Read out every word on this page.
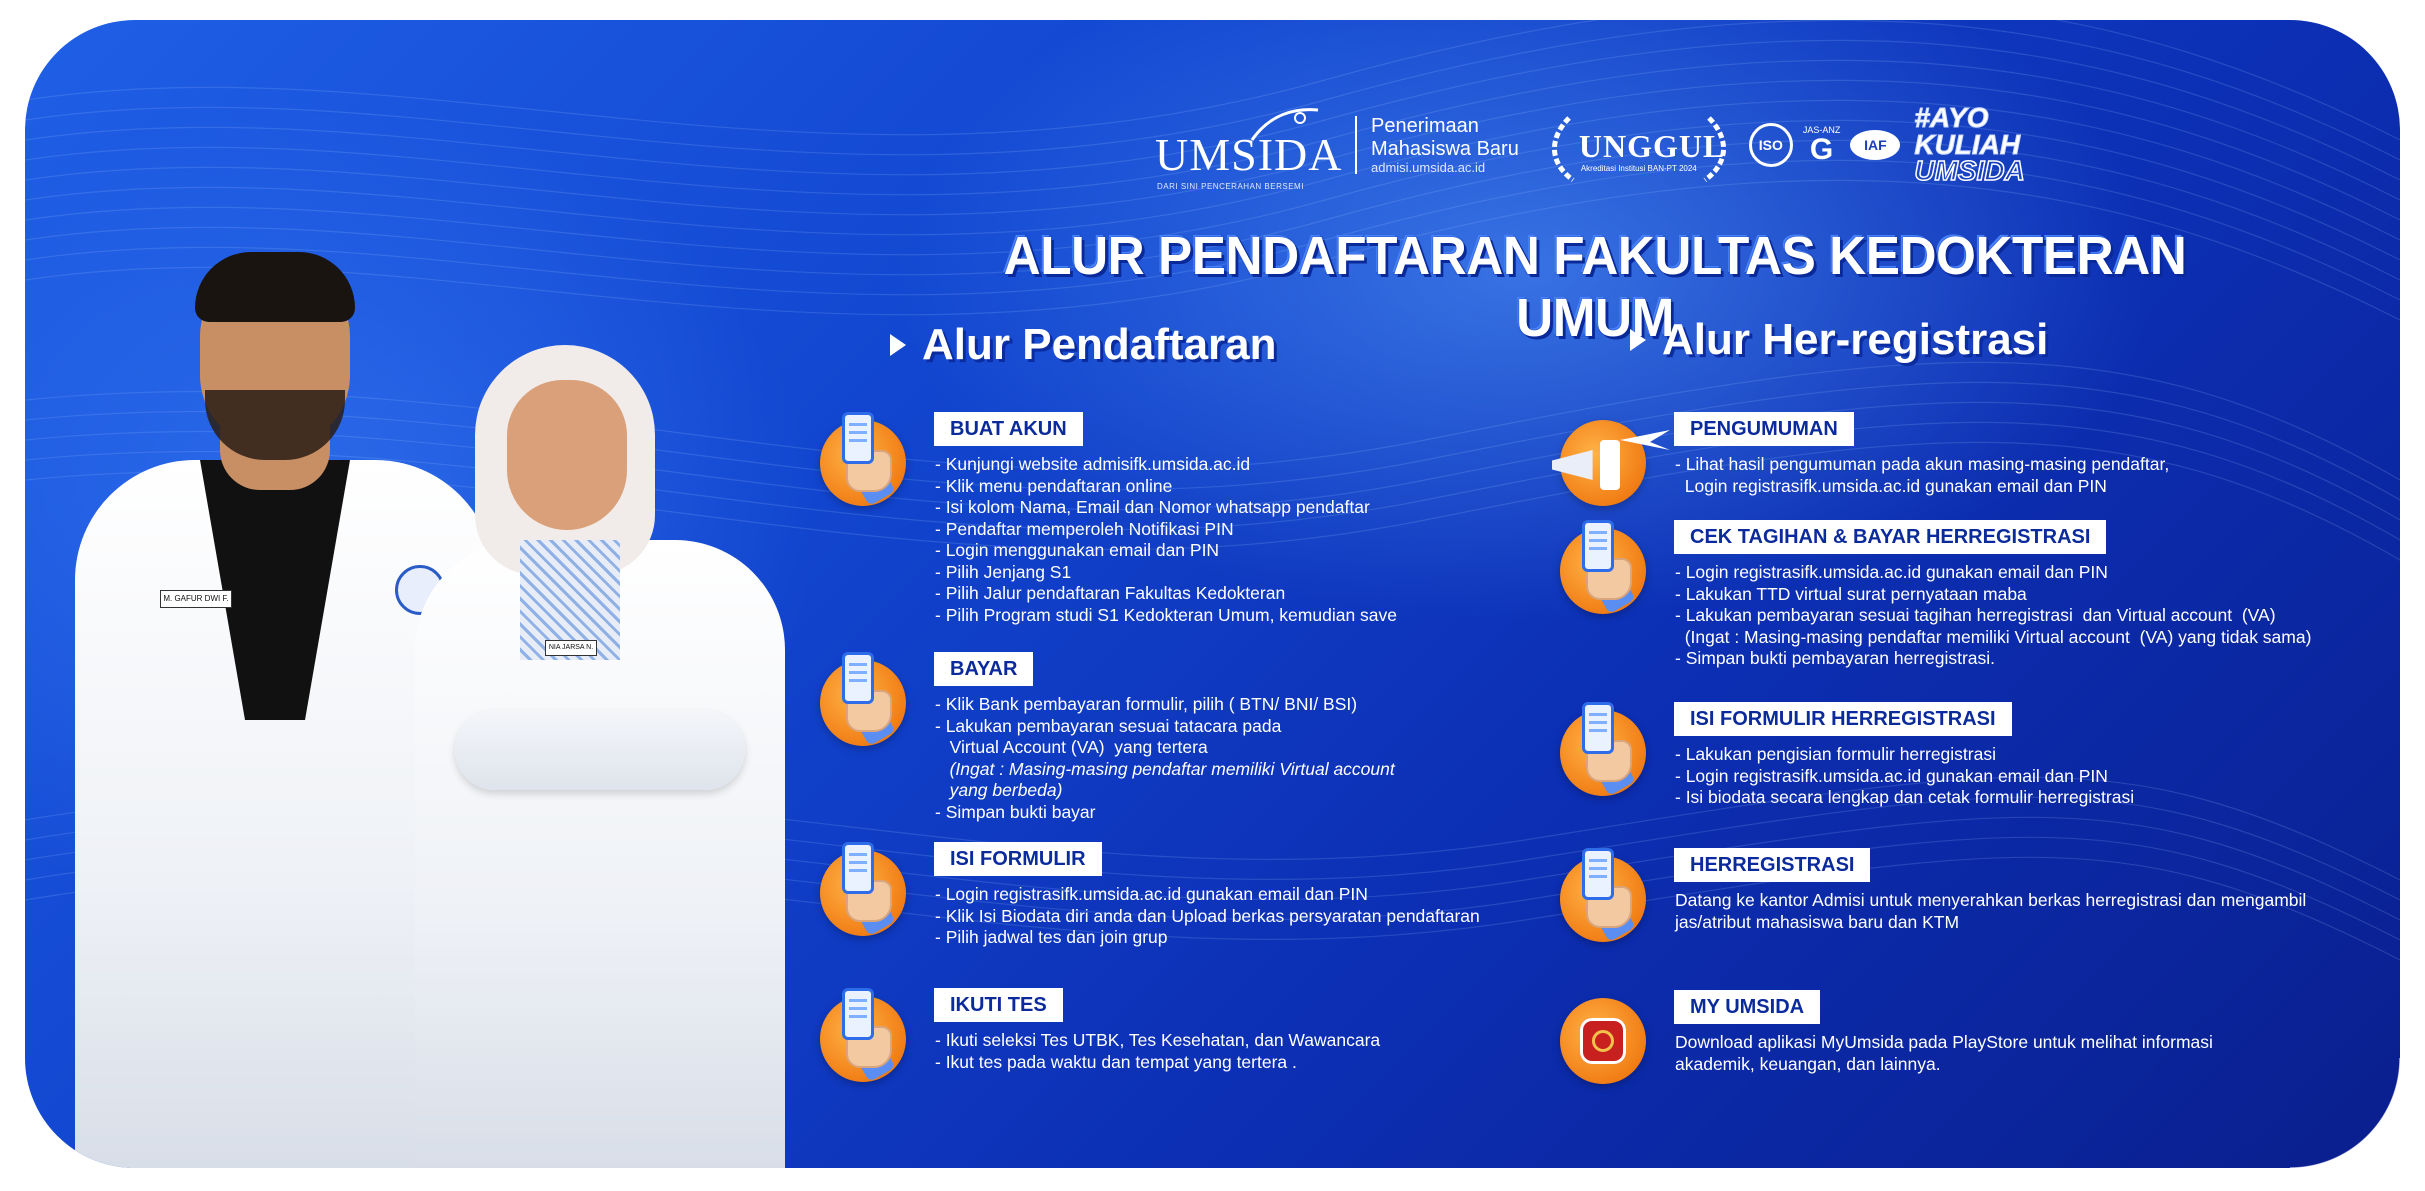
UMSIDA
DARI SINI PENCERAHAN BERSEMI
Penerimaan
Mahasiswa Baru
admisi.umsida.ac.id
UNGGUL
Akreditasi Institusi BAN-PT 2024
ISO
JAS-ANZ
G	IAF
#AYO
KULIAH
UMSIDA
ALUR PENDAFTARAN FAKULTAS KEDOKTERAN UMUM
Alur Pendaftaran	Alur Her-registrasi
BUAT AKUN
- Kunjungi website admisifk.umsida.ac.id
- Klik menu pendaftaran online
- Isi kolom Nama, Email dan Nomor whatsapp pendaftar
- Pendaftar memperoleh Notifikasi PIN
- Login menggunakan email dan PIN
- Pilih Jenjang S1
- Pilih Jalur pendaftaran Fakultas Kedokteran
- Pilih Program studi S1 Kedokteran Umum, kemudian save
BAYAR
- Klik Bank pembayaran formulir, pilih ( BTN/ BNI/ BSI)
- Lakukan pembayaran sesuai tatacara pada
Virtual Account (VA)  yang tertera
(Ingat : Masing-masing pendaftar memiliki Virtual account
yang berbeda)
- Simpan bukti bayar
ISI FORMULIR
- Login registrasifk.umsida.ac.id gunakan email dan PIN
- Klik Isi Biodata diri anda dan Upload berkas persyaratan pendaftaran
- Pilih jadwal tes dan join grup
IKUTI TES
- Ikuti seleksi Tes UTBK, Tes Kesehatan, dan Wawancara
- Ikut tes pada waktu dan tempat yang tertera .
PENGUMUMAN
- Lihat hasil pengumuman pada akun masing-masing pendaftar,
Login registrasifk.umsida.ac.id gunakan email dan PIN
CEK TAGIHAN & BAYAR HERREGISTRASI
- Login registrasifk.umsida.ac.id gunakan email dan PIN
- Lakukan TTD virtual surat pernyataan maba
- Lakukan pembayaran sesuai tagihan herregistrasi  dan Virtual account  (VA)
(Ingat : Masing-masing pendaftar memiliki Virtual account  (VA) yang tidak sama)
- Simpan bukti pembayaran herregistrasi.
ISI FORMULIR HERREGISTRASI
- Lakukan pengisian formulir herregistrasi
- Login registrasifk.umsida.ac.id gunakan email dan PIN
- Isi biodata secara lengkap dan cetak formulir herregistrasi
HERREGISTRASI
Datang ke kantor Admisi untuk menyerahkan berkas herregistrasi dan mengambil
jas/atribut mahasiswa baru dan KTM
MY UMSIDA
Download aplikasi MyUmsida pada PlayStore untuk melihat informasi
akademik, keuangan, dan lainnya.
M. GAFUR DWI F.
NIA JARSA N.
